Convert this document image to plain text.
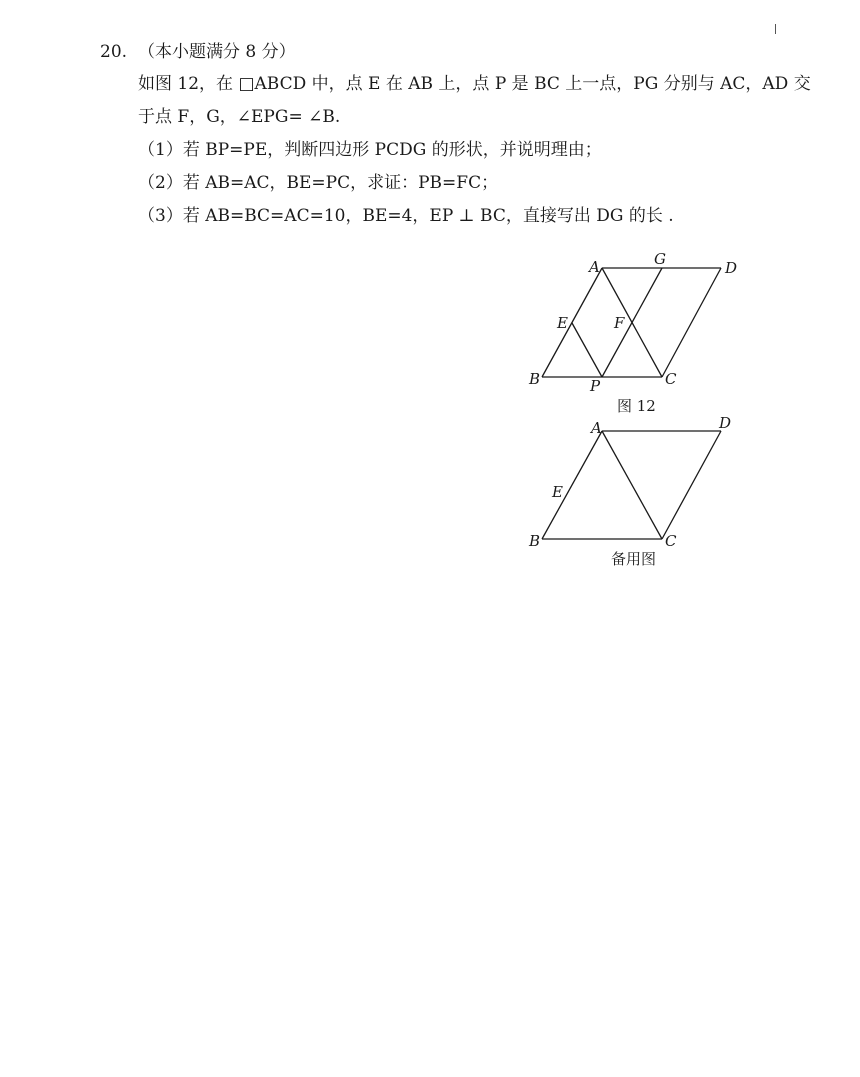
20. （本小题满分 8 分）
如图 12，在 □ABCD 中，点 E 在 AB 上，点 P 是 BC 上一点，PG 分别与 AC，AD 交
于点 F，G，∠EPG= ∠B.
（1）若 BP=PE，判断四边形 PCDG 的形状，并说明理由；
（2）若 AB=AC，BE=PC，求证：PB=FC；
（3）若 AB=BC=AC=10，BE=4，EP ⊥ BC，直接写出 DG 的长 .
A	G	D
E	F
B	P	C
图 12
A	D
E
B	C
备用图
